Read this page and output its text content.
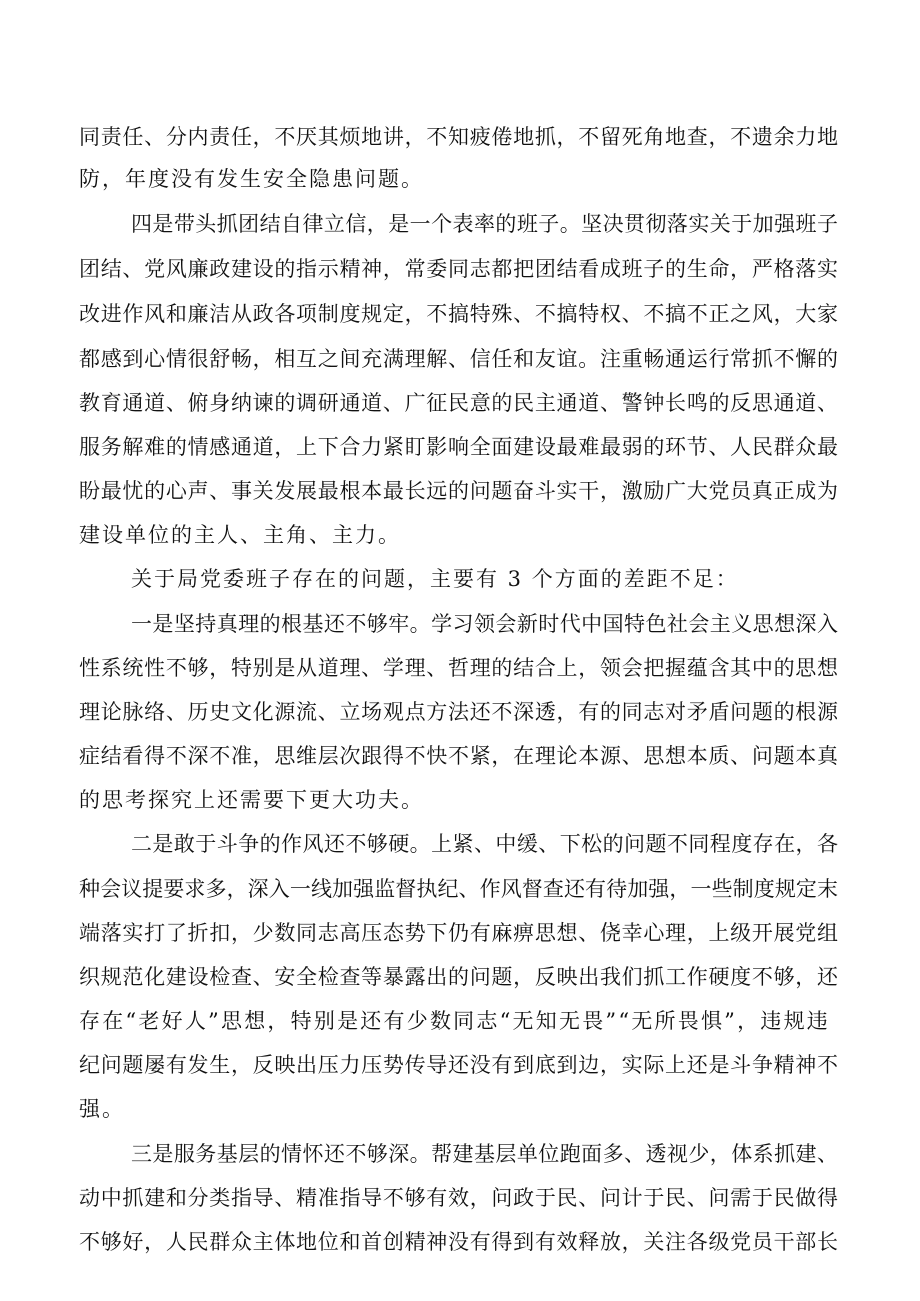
同责任、分内责任，不厌其烦地讲，不知疲倦地抓，不留死角地查，不遗余力地
防，年度没有发生安全隐患问题。
四是带头抓团结自律立信，是一个表率的班子。坚决贯彻落实关于加强班子
团结、党风廉政建设的指示精神，常委同志都把团结看成班子的生命，严格落实
改进作风和廉洁从政各项制度规定，不搞特殊、不搞特权、不搞不正之风，大家
都感到心情很舒畅，相互之间充满理解、信任和友谊。注重畅通运行常抓不懈的
教育通道、俯身纳谏的调研通道、广征民意的民主通道、警钟长鸣的反思通道、
服务解难的情感通道，上下合力紧盯影响全面建设最难最弱的环节、人民群众最
盼最忧的心声、事关发展最根本最长远的问题奋斗实干，激励广大党员真正成为
建设单位的主人、主角、主力。
关于局党委班子存在的问题，主要有 3 个方面的差距不足：
一是坚持真理的根基还不够牢。学习领会新时代中国特色社会主义思想深入
性系统性不够，特别是从道理、学理、哲理的结合上，领会把握蕴含其中的思想
理论脉络、历史文化源流、立场观点方法还不深透，有的同志对矛盾问题的根源
症结看得不深不准，思维层次跟得不快不紧，在理论本源、思想本质、问题本真
的思考探究上还需要下更大功夫。
二是敢于斗争的作风还不够硬。上紧、中缓、下松的问题不同程度存在，各
种会议提要求多，深入一线加强监督执纪、作风督查还有待加强，一些制度规定末
端落实打了折扣，少数同志高压态势下仍有麻痹思想、侥幸心理，上级开展党组
织规范化建设检查、安全检查等暴露出的问题，反映出我们抓工作硬度不够，还
存在“老好人”思想，特别是还有少数同志“无知无畏”“无所畏惧”，违规违
纪问题屡有发生，反映出压力压势传导还没有到底到边，实际上还是斗争精神不
强。
三是服务基层的情怀还不够深。帮建基层单位跑面多、透视少，体系抓建、
动中抓建和分类指导、精准指导不够有效，问政于民、问计于民、问需于民做得
不够好，人民群众主体地位和首创精神没有得到有效释放，关注各级党员干部长
